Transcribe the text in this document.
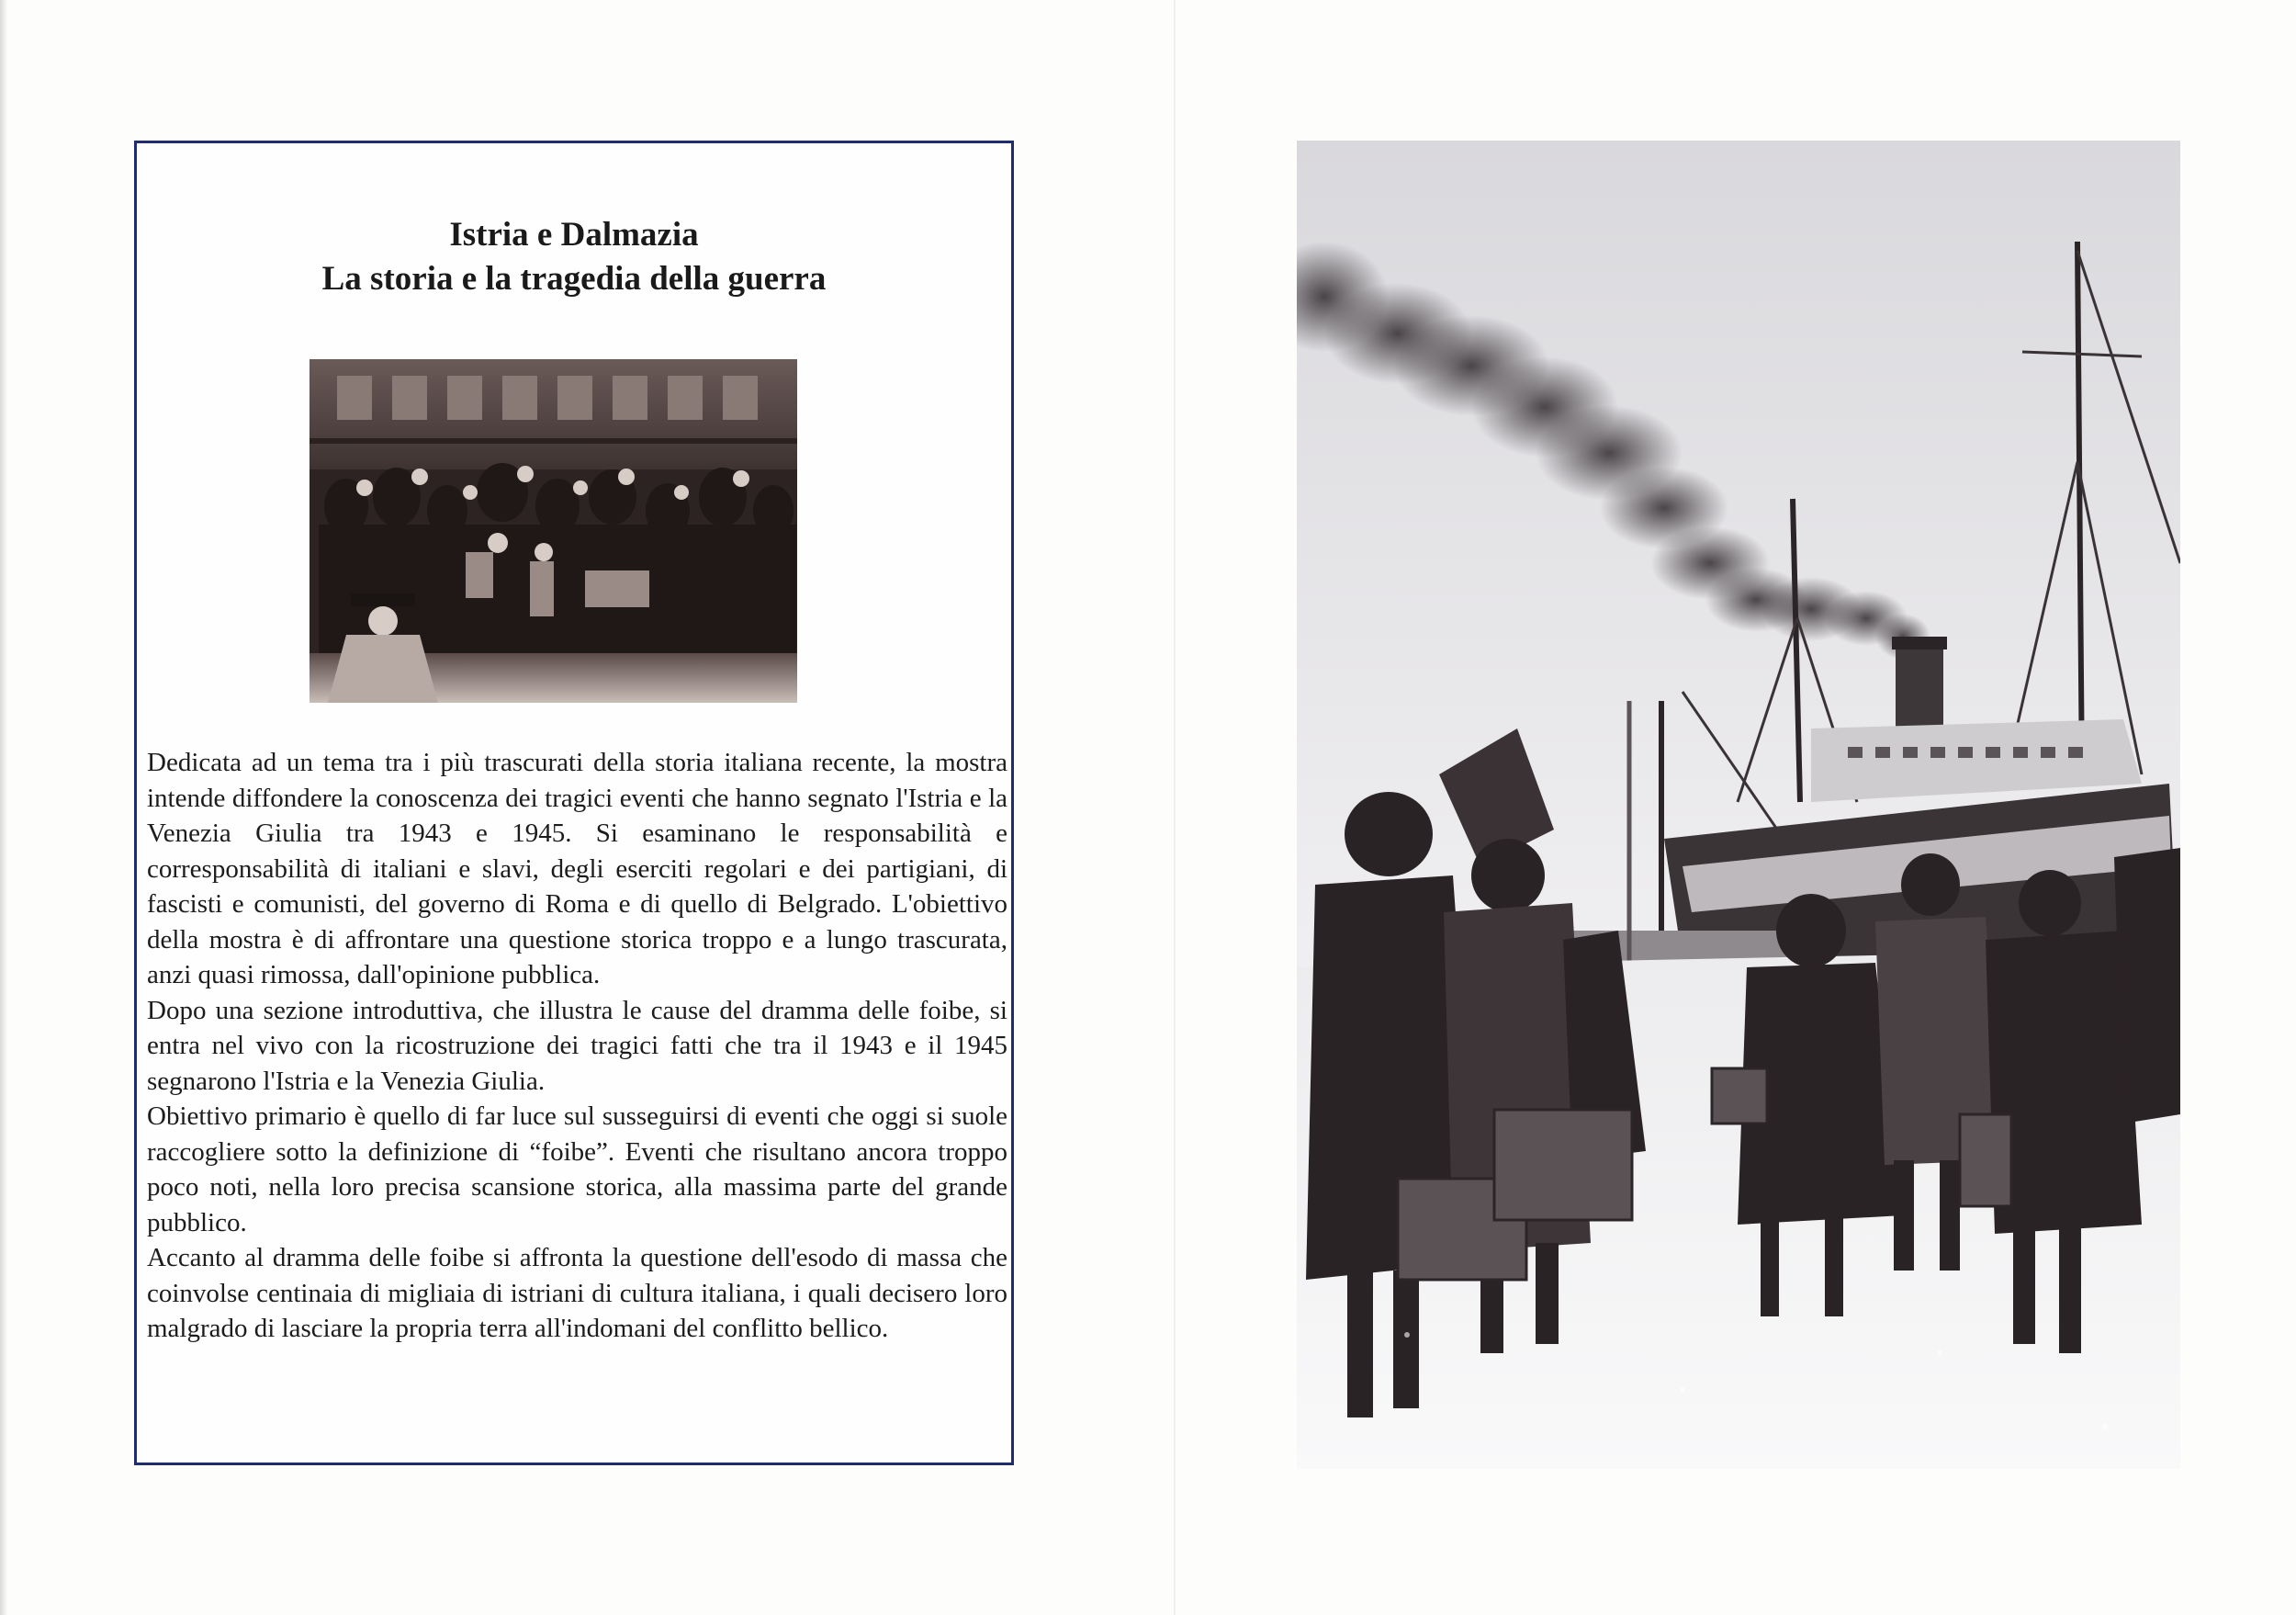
Istria e Dalmazia
La storia e la tragedia della guerra

Dedicata ad un tema tra i più trascurati della storia italiana recente, la mostra intende diffondere la conoscenza dei tragici eventi che hanno segnato l'Istria e la Venezia Giulia tra 1943 e 1945. Si esaminano le responsabilità e corresponsabilità di italiani e slavi, degli eserciti regolari e dei partigiani, di fascisti e comunisti, del governo di Roma e di quello di Belgrado. L'obiettivo della mostra è di affrontare una questione storica troppo e a lungo trascurata, anzi quasi rimossa, dall'opinione pubblica.

Dopo una sezione introduttiva, che illustra le cause del dramma delle foibe, si entra nel vivo con la ricostruzione dei tragici fatti che tra il 1943 e il 1945 segnarono l'Istria e la Venezia Giulia.

Obiettivo primario è quello di far luce sul susseguirsi di eventi che oggi si suole raccogliere sotto la definizione di “foibe”. Eventi che risultano ancora troppo poco noti, nella loro precisa scansione storica, alla massima parte del grande pubblico.

Accanto al dramma delle foibe si affronta la questione dell'esodo di massa che coinvolse centinaia di migliaia di istriani di cultura italiana, i quali decisero loro malgrado di lasciare la propria terra all'indomani del conflitto bellico.
